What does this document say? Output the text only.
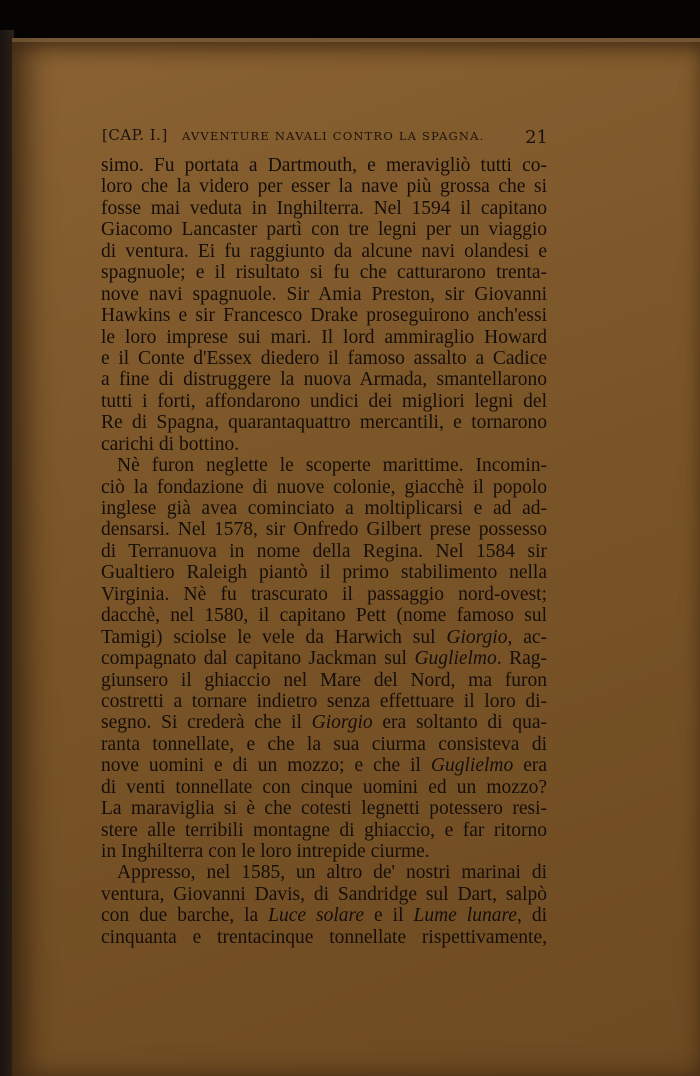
[CAP. I.] AVVENTURE NAVALI CONTRO LA SPAGNA. 21
simo. Fu portata a Dartmouth, e meravigliò tutti co-
loro che la videro per esser la nave più grossa che si
fosse mai veduta in Inghilterra. Nel 1594 il capitano
Giacomo Lancaster partì con tre legni per un viaggio
di ventura. Ei fu raggiunto da alcune navi olandesi e
spagnuole; e il risultato si fu che catturarono trenta-
nove navi spagnuole. Sir Amia Preston, sir Giovanni
Hawkins e sir Francesco Drake proseguirono anch'essi
le loro imprese sui mari. Il lord ammiraglio Howard
e il Conte d'Essex diedero il famoso assalto a Cadice
a fine di distruggere la nuova Armada, smantellarono
tutti i forti, affondarono undici dei migliori legni del
Re di Spagna, quarantaquattro mercantili, e tornarono
carichi di bottino.
Nè furon neglette le scoperte marittime. Incomin-
ciò la fondazione di nuove colonie, giacchè il popolo
inglese già avea cominciato a moltiplicarsi e ad ad-
densarsi. Nel 1578, sir Onfredo Gilbert prese possesso
di Terranuova in nome della Regina. Nel 1584 sir
Gualtiero Raleigh piantò il primo stabilimento nella
Virginia. Nè fu trascurato il passaggio nord-ovest;
dacchè, nel 1580, il capitano Pett (nome famoso sul
Tamigi) sciolse le vele da Harwich sul Giorgio, ac-
compagnato dal capitano Jackman sul Guglielmo. Rag-
giunsero il ghiaccio nel Mare del Nord, ma furon
costretti a tornare indietro senza effettuare il loro di-
segno. Si crederà che il Giorgio era soltanto di qua-
ranta tonnellate, e che la sua ciurma consisteva di
nove uomini e di un mozzo; e che il Guglielmo era
di venti tonnellate con cinque uomini ed un mozzo?
La maraviglia si è che cotesti legnetti potessero resi-
stere alle terribili montagne di ghiaccio, e far ritorno
in Inghilterra con le loro intrepide ciurme.
Appresso, nel 1585, un altro de' nostri marinai di
ventura, Giovanni Davis, di Sandridge sul Dart, salpò
con due barche, la Luce solare e il Lume lunare, di
cinquanta e trentacinque tonnellate rispettivamente,
